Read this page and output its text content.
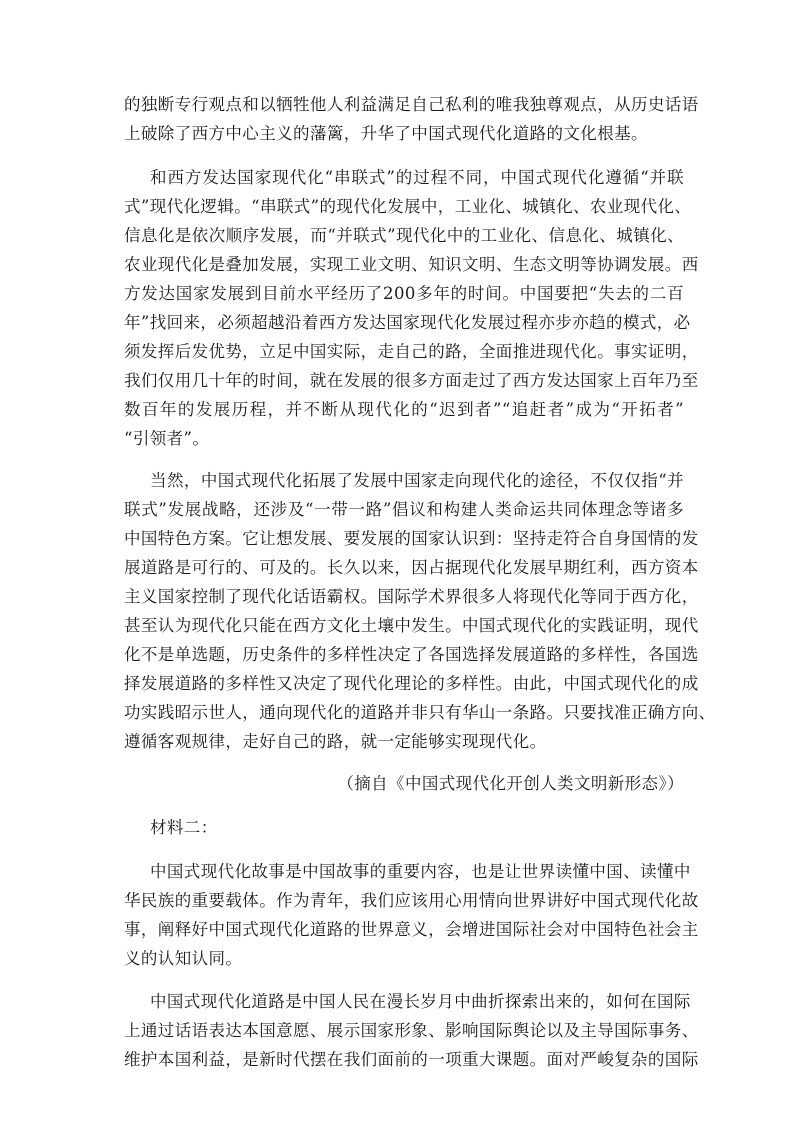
的独断专行观点和以牺牲他人利益满足自己私利的唯我独尊观点，从历史话语
上破除了西方中心主义的藩篱，升华了中国式现代化道路的文化根基。
和西方发达国家现代化“串联式”的过程不同，中国式现代化遵循“并联
式”现代化逻辑。“串联式”的现代化发展中，工业化、城镇化、农业现代化、
信息化是依次顺序发展，而“并联式”现代化中的工业化、信息化、城镇化、
农业现代化是叠加发展，实现工业文明、知识文明、生态文明等协调发展。西
方发达国家发展到目前水平经历了200多年的时间。中国要把“失去的二百
年”找回来，必须超越沿着西方发达国家现代化发展过程亦步亦趋的模式，必
须发挥后发优势，立足中国实际，走自己的路，全面推进现代化。事实证明，
我们仅用几十年的时间，就在发展的很多方面走过了西方发达国家上百年乃至
数百年的发展历程，并不断从现代化的“迟到者”“追赶者”成为“开拓者”
“引领者”。
当然，中国式现代化拓展了发展中国家走向现代化的途径，不仅仅指“并
联式”发展战略，还涉及“一带一路”倡议和构建人类命运共同体理念等诸多
中国特色方案。它让想发展、要发展的国家认识到：坚持走符合自身国情的发
展道路是可行的、可及的。长久以来，因占据现代化发展早期红利，西方资本
主义国家控制了现代化话语霸权。国际学术界很多人将现代化等同于西方化，
甚至认为现代化只能在西方文化土壤中发生。中国式现代化的实践证明，现代
化不是单选题，历史条件的多样性决定了各国选择发展道路的多样性，各国选
择发展道路的多样性又决定了现代化理论的多样性。由此，中国式现代化的成
功实践昭示世人，通向现代化的道路并非只有华山一条路。只要找准正确方向、
遵循客观规律，走好自己的路，就一定能够实现现代化。
（摘自《中国式现代化开创人类文明新形态》）
材料二：
中国式现代化故事是中国故事的重要内容，也是让世界读懂中国、读懂中
华民族的重要载体。作为青年，我们应该用心用情向世界讲好中国式现代化故
事，阐释好中国式现代化道路的世界意义，会增进国际社会对中国特色社会主
义的认知认同。
中国式现代化道路是中国人民在漫长岁月中曲折探索出来的，如何在国际
上通过话语表达本国意愿、展示国家形象、影响国际舆论以及主导国际事务、
维护本国利益，是新时代摆在我们面前的一项重大课题。面对严峻复杂的国际
